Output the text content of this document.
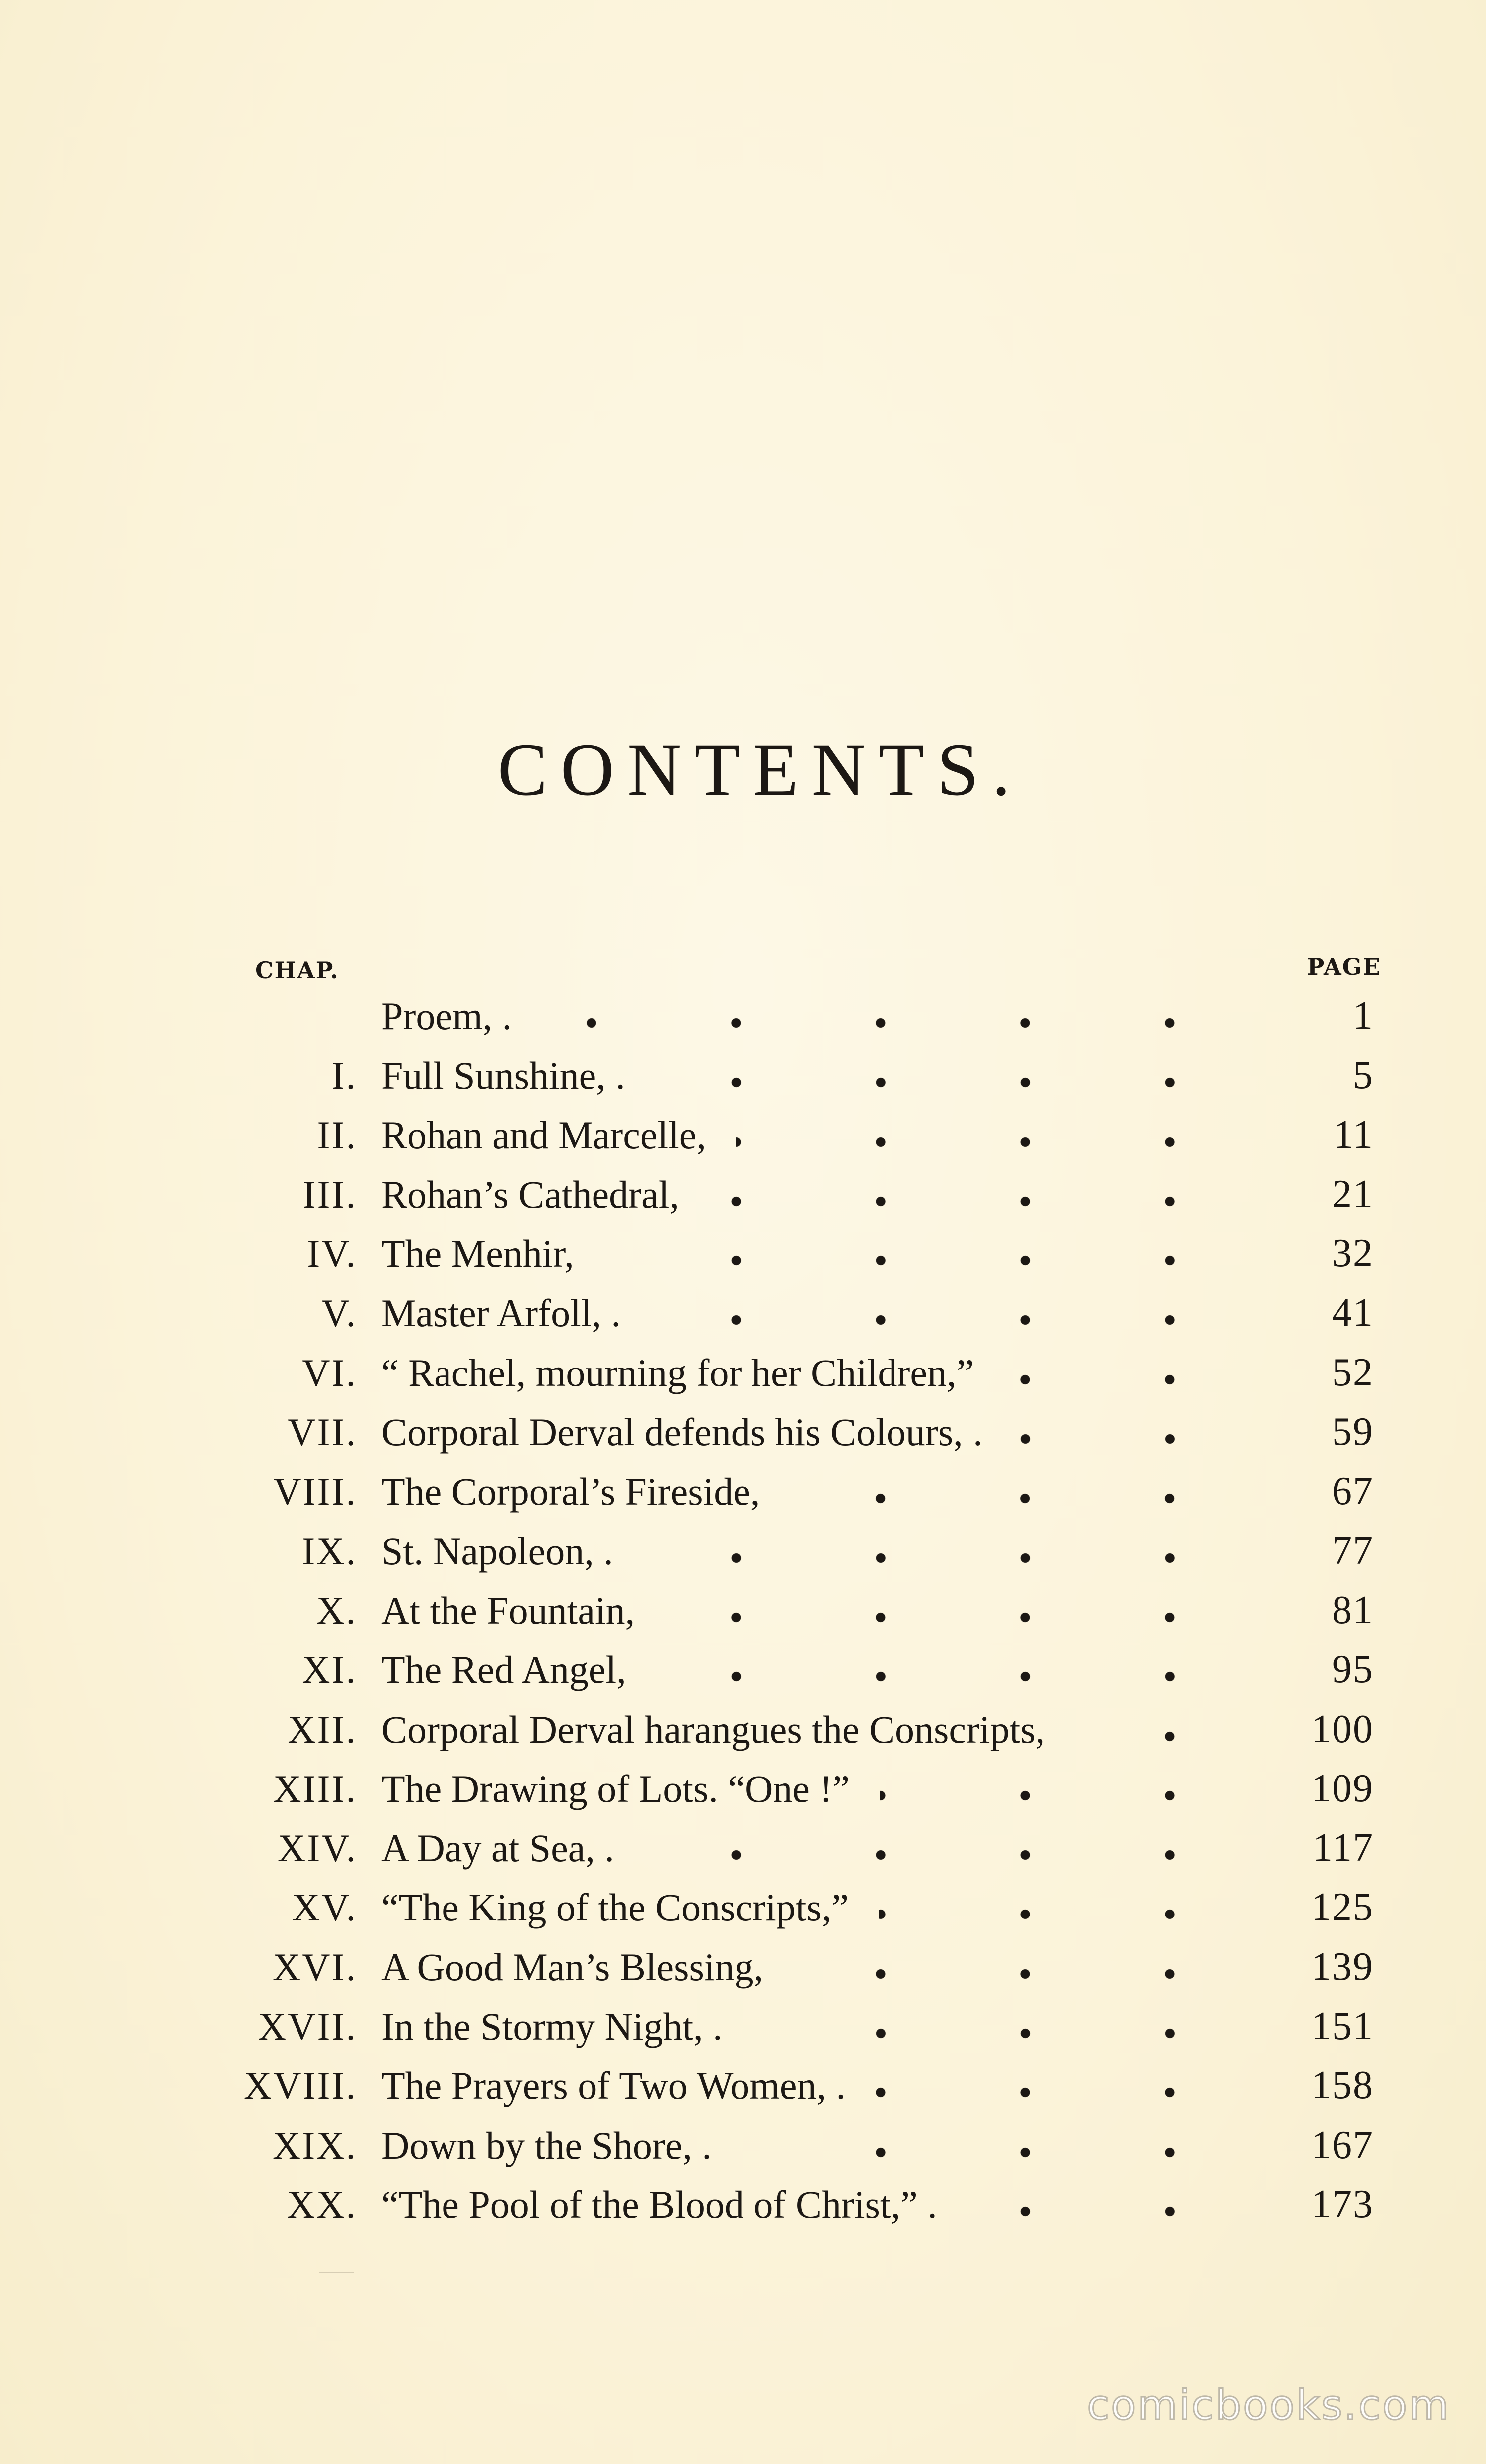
CONTENTS.
CHAP.	PAGE
Proem, .	1
I. Full Sunshine, .	5
II. Rohan and Marcelle,	11
III. Rohan’s Cathedral,	21
IV. The Menhir,	32
V. Master Arfoll, .	41
VI. “ Rachel, mourning for her Children,”	52
VII. Corporal Derval defends his Colours, .	59
VIII. The Corporal’s Fireside,	67
IX. St. Napoleon, .	77
X. At the Fountain,	81
XI. The Red Angel,	95
XII. Corporal Derval harangues the Conscripts,	100
XIII. The Drawing of Lots. “One !”	109
XIV. A Day at Sea, .	117
XV. “The King of the Conscripts,”	125
XVI. A Good Man’s Blessing,	139
XVII. In the Stormy Night, .	151
XVIII. The Prayers of Two Women, .	158
XIX. Down by the Shore, .	167
XX. “The Pool of the Blood of Christ,” .	173
comicbooks.com
